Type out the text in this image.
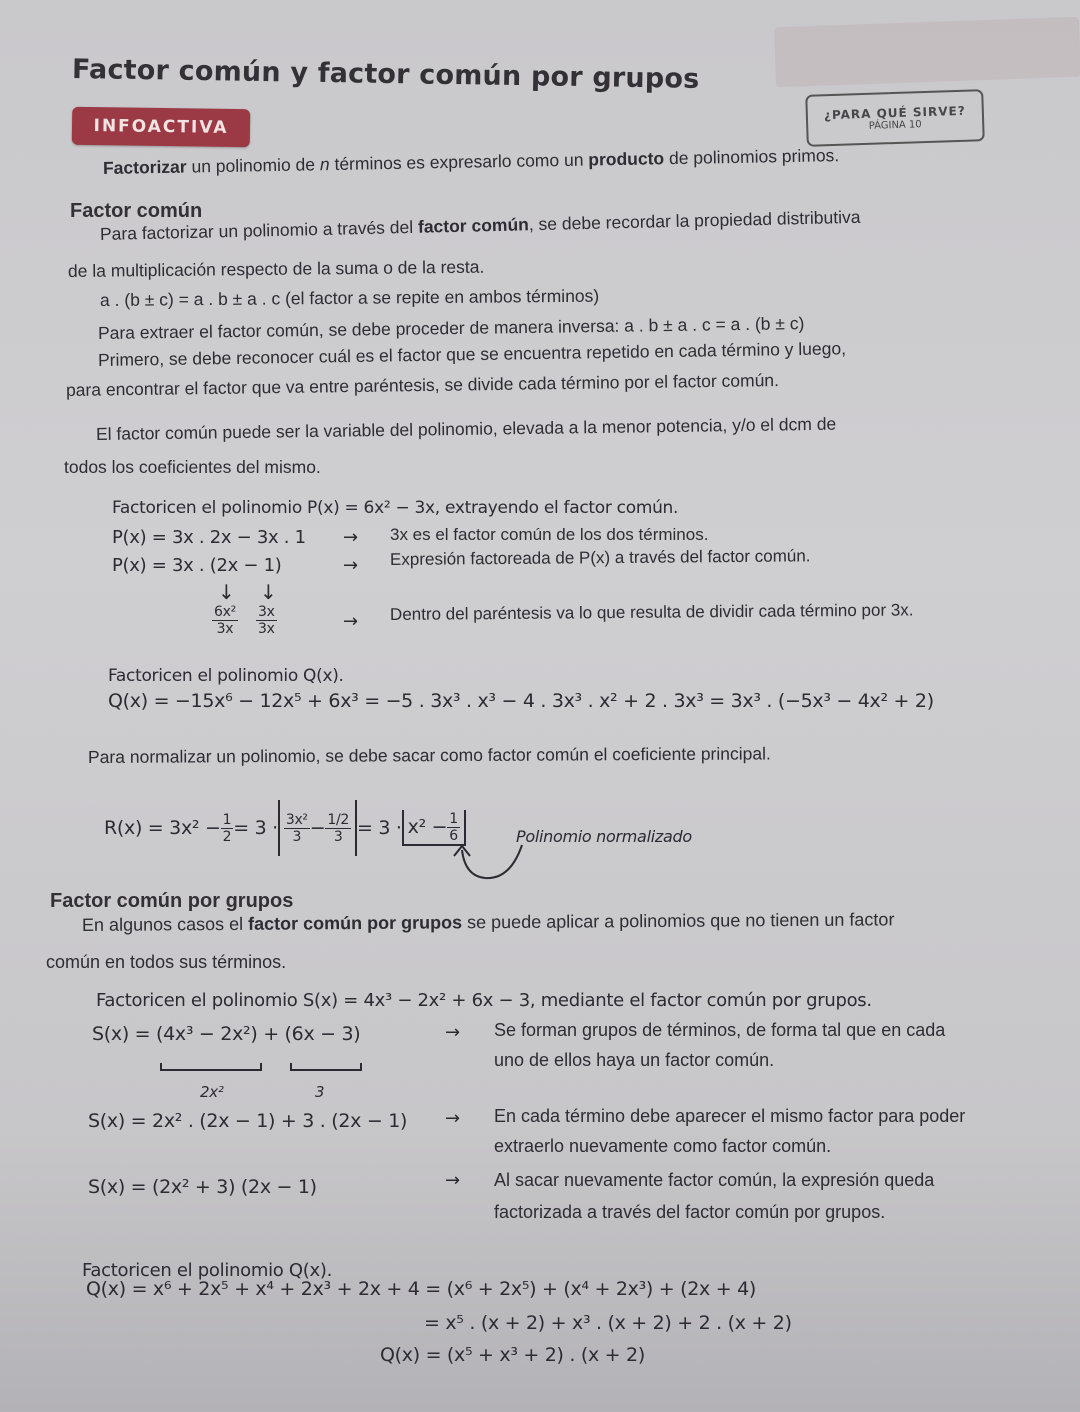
Factor común y factor común por grupos
INFOACTIVA
¿PARA QUÉ SIRVE?
PÁGINA 10
Factorizar un polinomio de n términos es expresarlo como un producto de polinomios primos.
Factor común
Para factorizar un polinomio a través del factor común, se debe recordar la propiedad distributiva
de la multiplicación respecto de la suma o de la resta.
a . (b ± c) = a . b ± a . c (el factor a se repite en ambos términos)
Para extraer el factor común, se debe proceder de manera inversa: a . b ± a . c = a . (b ± c)
Primero, se debe reconocer cuál es el factor que se encuentra repetido en cada término y luego,
para encontrar el factor que va entre paréntesis, se divide cada término por el factor común.
El factor común puede ser la variable del polinomio, elevada a la menor potencia, y/o el dcm de
todos los coeficientes del mismo.
Factoricen el polinomio P(x) = 6x² − 3x, extrayendo el factor común.
P(x) = 3x . 2x − 3x . 1 → 3x es el factor común de los dos términos.
P(x) = 3x . (2x − 1)	→ Expresión factoreada de P(x) a través del factor común.
↓ ↓
$\frac{\text{6x²}}{3x} \frac{3x}{3x}$	→ Dentro del paréntesis va lo que resulta de dividir cada término por 3x.
Factoricen el polinomio Q(x).
Q(x) = −15x⁶ − 12x⁵ + 6x³ = −5 . 3x³ . x³ − 4 . 3x³ . x² + 2 . 3x³ = 3x³ . (−5x³ − 4x² + 2)
Para normalizar un polinomio, se debe sacar como factor común el coeficiente principal.
$R(x) = 3x^2 - \frac{1}{2} = 3 \cdot \frac{\text{3x²}}{3} - \frac{1/2}{3} = 3 \cdot x^2 - \frac{1}{6}$	Polinomio normalizado
Factor común por grupos
En algunos casos el factor común por grupos se puede aplicar a polinomios que no tienen un factor
común en todos sus términos.
Factoricen el polinomio S(x) = 4x³ − 2x² + 6x − 3, mediante el factor común por grupos.
S(x) = (4x³ − 2x²) + (6x − 3)	→ Se forman grupos de términos, de forma tal que en cada
uno de ellos haya un factor común.
2x²	3
S(x) = 2x² . (2x − 1) + 3 . (2x − 1) → En cada término debe aparecer el mismo factor para poder
extraerlo nuevamente como factor común.
S(x) = (2x² + 3) (2x − 1)	→ Al sacar nuevamente factor común, la expresión queda
factorizada a través del factor común por grupos.
Factoricen el polinomio Q(x).
Q(x) = x⁶ + 2x⁵ + x⁴ + 2x³ + 2x + 4 = (x⁶ + 2x⁵) + (x⁴ + 2x³) + (2x + 4)
= x⁵ . (x + 2) + x³ . (x + 2) + 2 . (x + 2)
Q(x) = (x⁵ + x³ + 2) . (x + 2)
